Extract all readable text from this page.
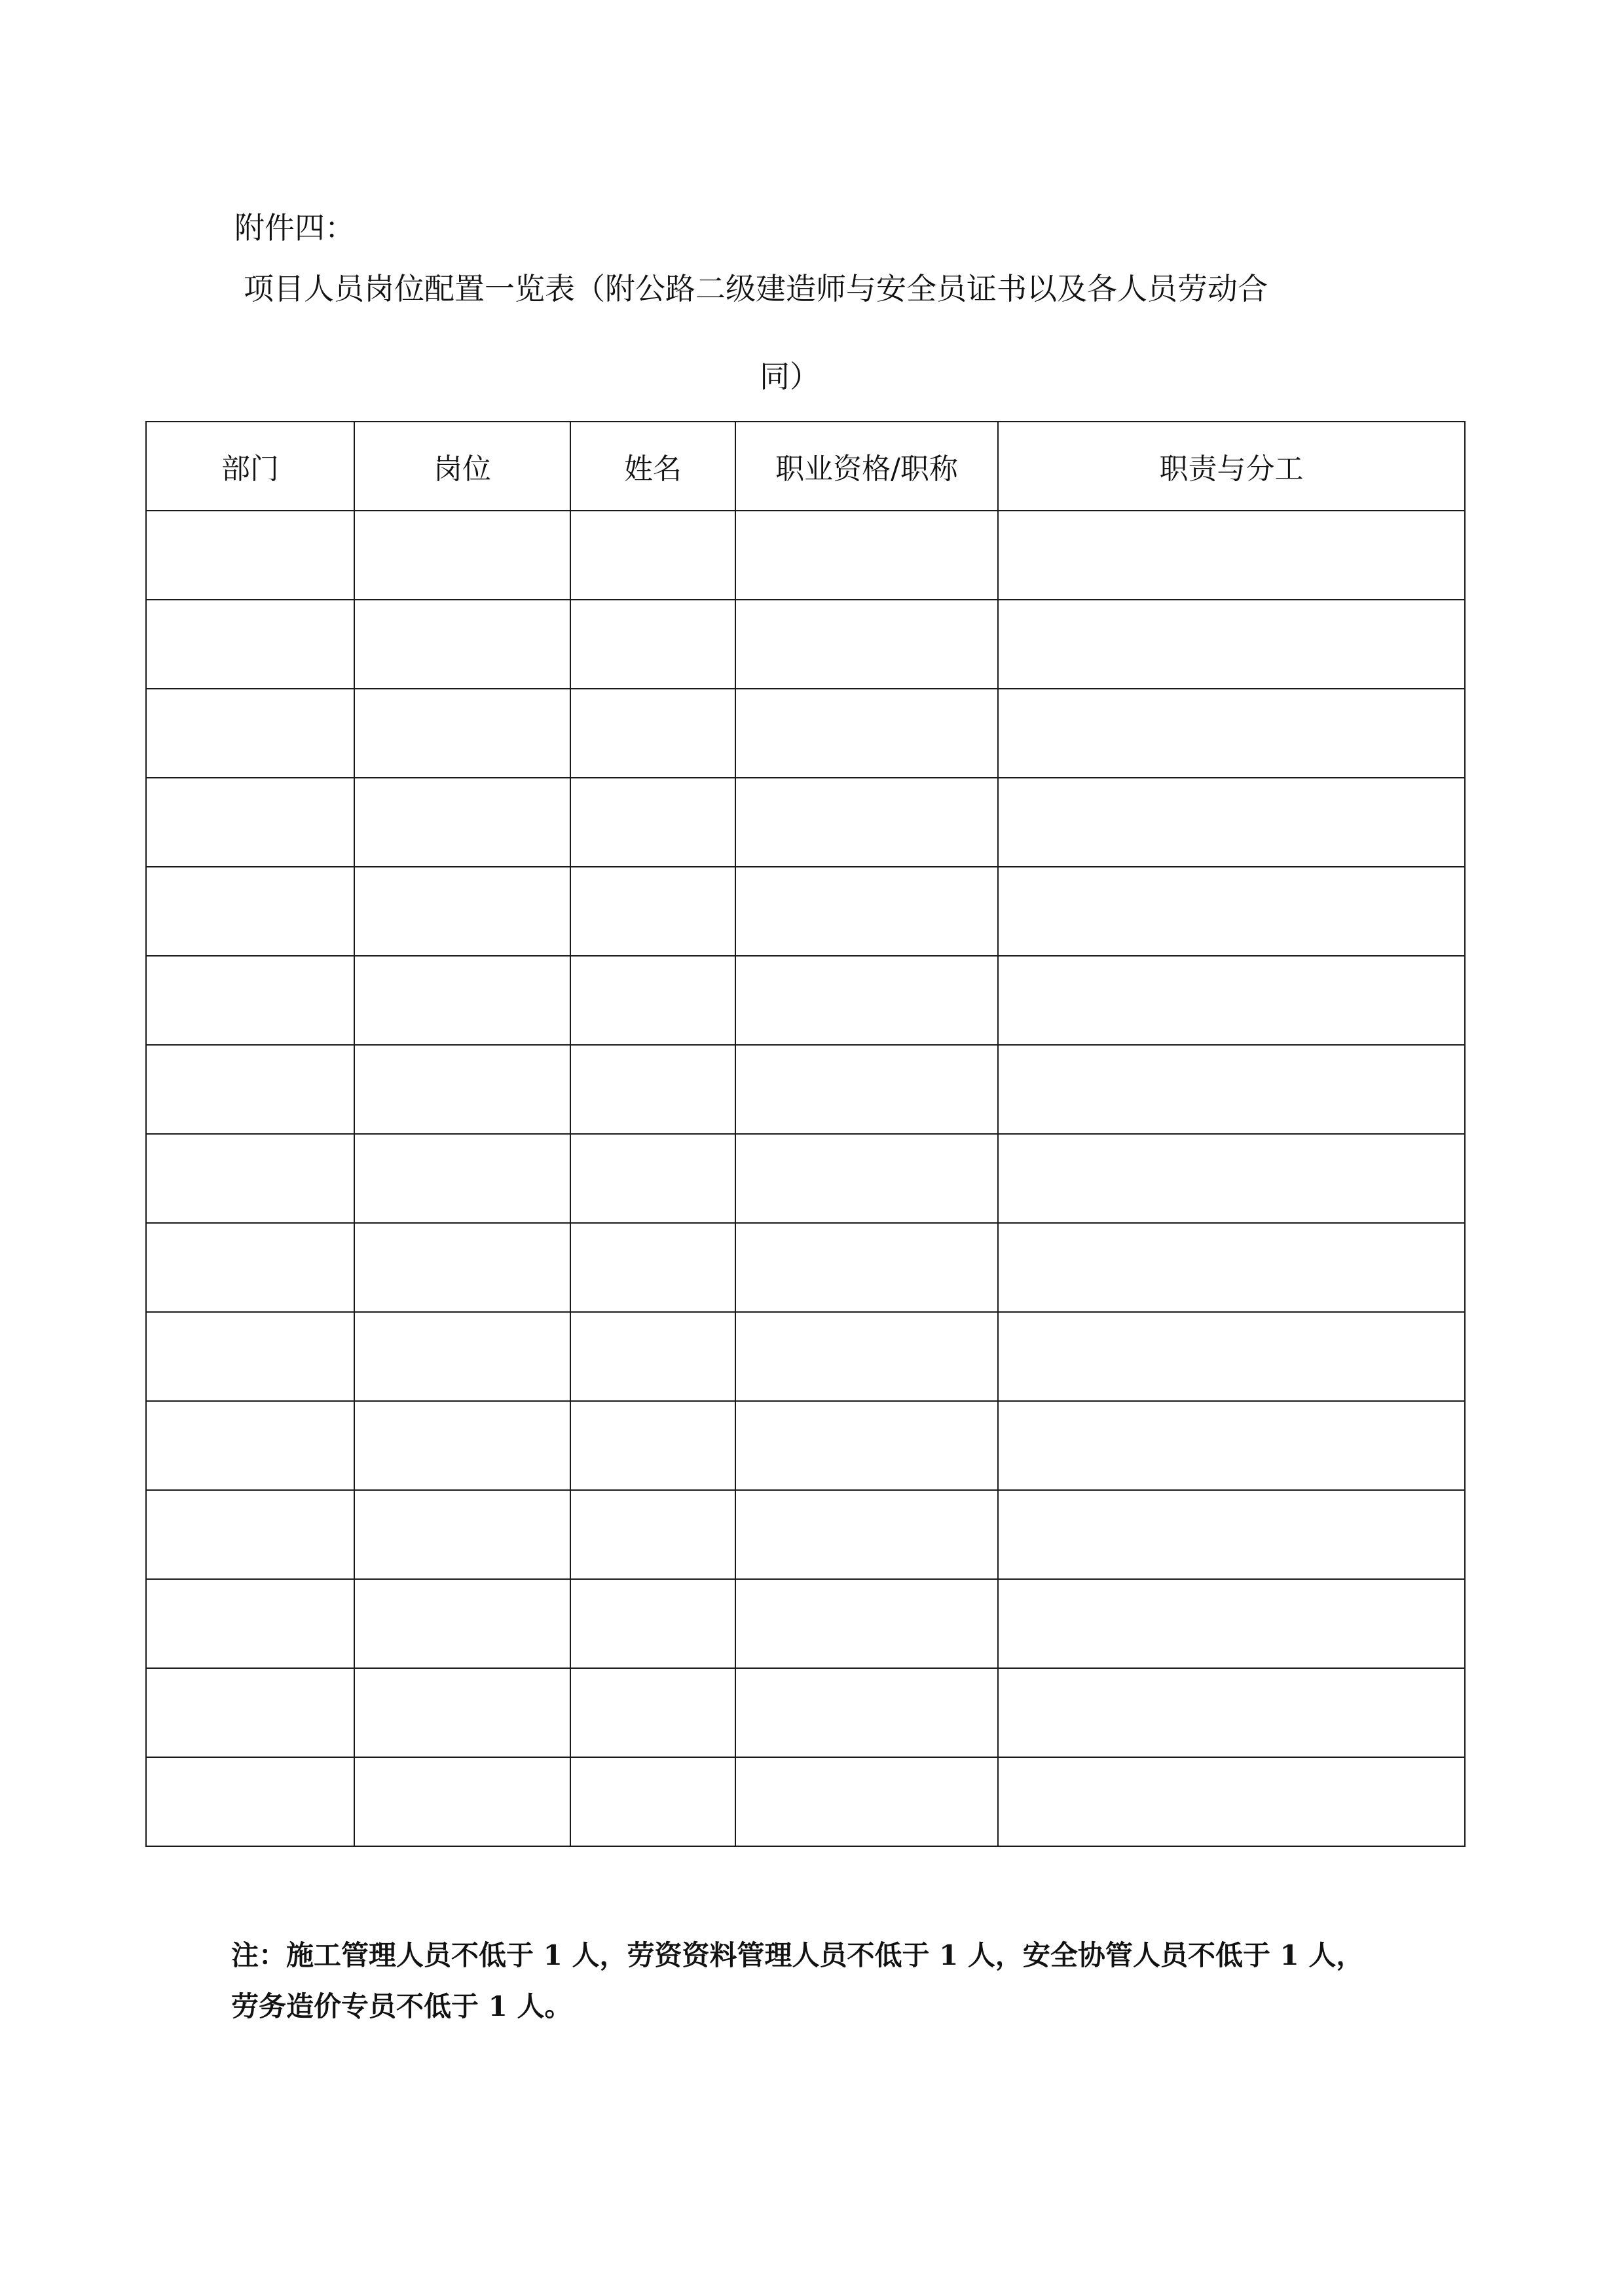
附件四：
项目人员岗位配置一览表（附公路二级建造师与安全员证书以及各人员劳动合
同）
部门	岗位	姓名	职业资格/职称	职责与分工

注：施工管理人员不低于 1 人，劳资资料管理人员不低于 1 人，安全协管人员不低于 1 人，
劳务造价专员不低于 1 人。
